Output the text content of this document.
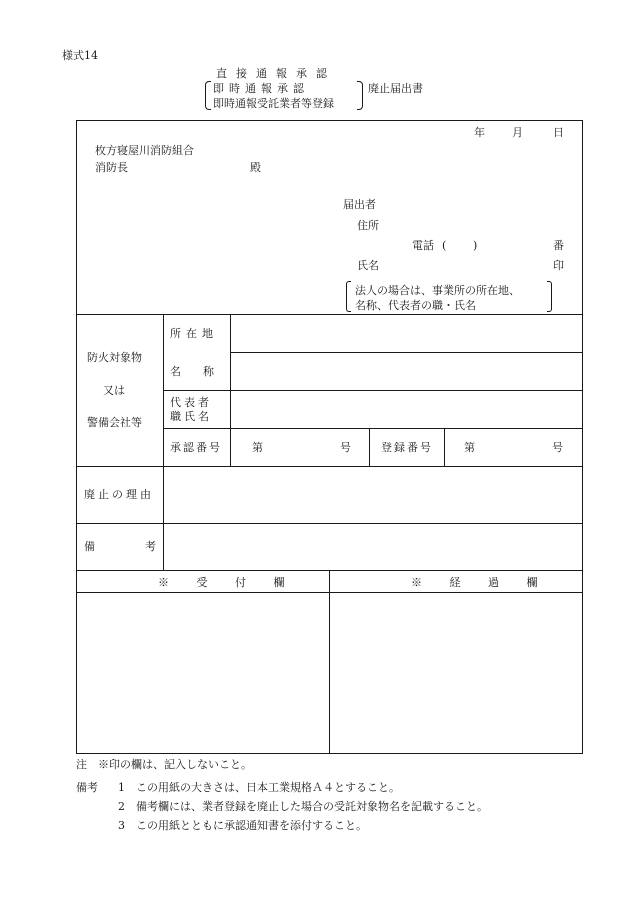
様式14
直接通報承認
即時通報承認
即時通報受託業者等登録
廃止届出書
年 月	日
枚方寝屋川消防組合
消防長	殿
届出者
住所
電話 ( )	番
氏名	印
法人の場合は、事業所の所在地、
名称、代表者の職・氏名
防火対象物
又は
警備会社等
所在地
名称
代表者
職氏名
承認番号	第	号	登録番号	第	号
廃止の理由
備	考
※ 受 付 欄	※ 経 過 欄
注　※印の欄は、記入しないこと。
備考 1　この用紙の大きさは、日本工業規格Ａ４とすること。
2　備考欄には、業者登録を廃止した場合の受託対象物名を記載すること。
3　この用紙とともに承認通知書を添付すること。
